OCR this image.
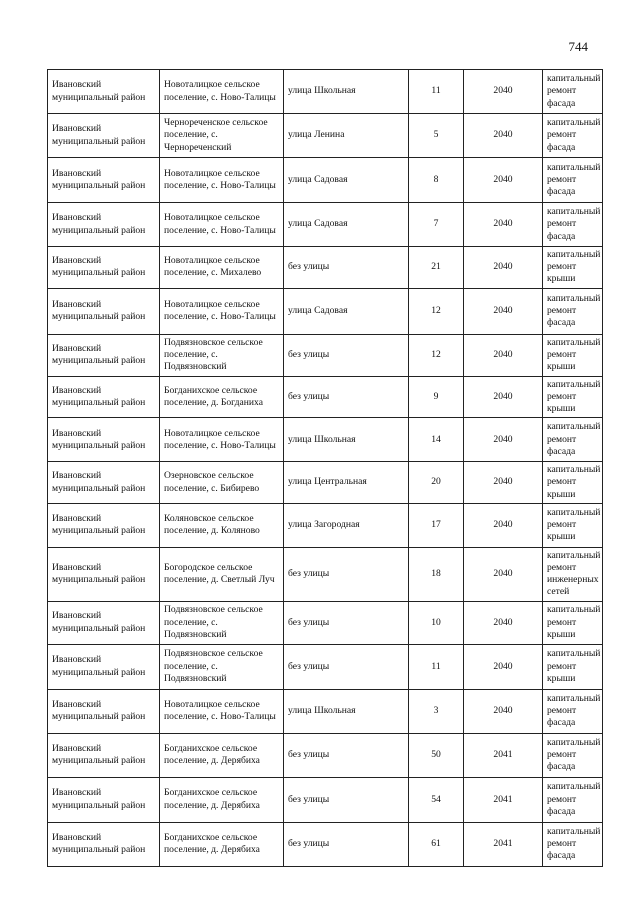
744
Ивановский муниципальный район	Новоталицкое сельское поселение, с. Ново-Талицы	улица Школьная	11	2040	капитальный ремонт фасада
Ивановский муниципальный район	Чернореченское сельское поселение, с. Чернореченский	улица Ленина	5	2040	капитальный ремонт фасада
Ивановский муниципальный район	Новоталицкое сельское поселение, с. Ново-Талицы	улица Садовая	8	2040	капитальный ремонт фасада
Ивановский муниципальный район	Новоталицкое сельское поселение, с. Ново-Талицы	улица Садовая	7	2040	капитальный ремонт фасада
Ивановский муниципальный район	Новоталицкое сельское поселение, с. Михалево	без улицы	21	2040	капитальный ремонт крыши
Ивановский муниципальный район	Новоталицкое сельское поселение, с. Ново-Талицы	улица Садовая	12	2040	капитальный ремонт фасада
Ивановский муниципальный район	Подвязновское сельское поселение, с. Подвязновский	без улицы	12	2040	капитальный ремонт крыши
Ивановский муниципальный район	Богданихское сельское поселение, д. Богданиха	без улицы	9	2040	капитальный ремонт крыши
Ивановский муниципальный район	Новоталицкое сельское поселение, с. Ново-Талицы	улица Школьная	14	2040	капитальный ремонт фасада
Ивановский муниципальный район	Озерновское сельское поселение, с. Бибирево	улица Центральная	20	2040	капитальный ремонт крыши
Ивановский муниципальный район	Коляновское сельское поселение, д. Коляново	улица Загородная	17	2040	капитальный ремонт крыши
Ивановский муниципальный район	Богородское сельское поселение, д. Светлый Луч	без улицы	18	2040	капитальный ремонт инженерных сетей
Ивановский муниципальный район	Подвязновское сельское поселение, с. Подвязновский	без улицы	10	2040	капитальный ремонт крыши
Ивановский муниципальный район	Подвязновское сельское поселение, с. Подвязновский	без улицы	11	2040	капитальный ремонт крыши
Ивановский муниципальный район	Новоталицкое сельское поселение, с. Ново-Талицы	улица Школьная	3	2040	капитальный ремонт фасада
Ивановский муниципальный район	Богданихское сельское поселение, д. Дерябиха	без улицы	50	2041	капитальный ремонт фасада
Ивановский муниципальный район	Богданихское сельское поселение, д. Дерябиха	без улицы	54	2041	капитальный ремонт фасада
Ивановский муниципальный район	Богданихское сельское поселение, д. Дерябиха	без улицы	61	2041	капитальный ремонт фасада
